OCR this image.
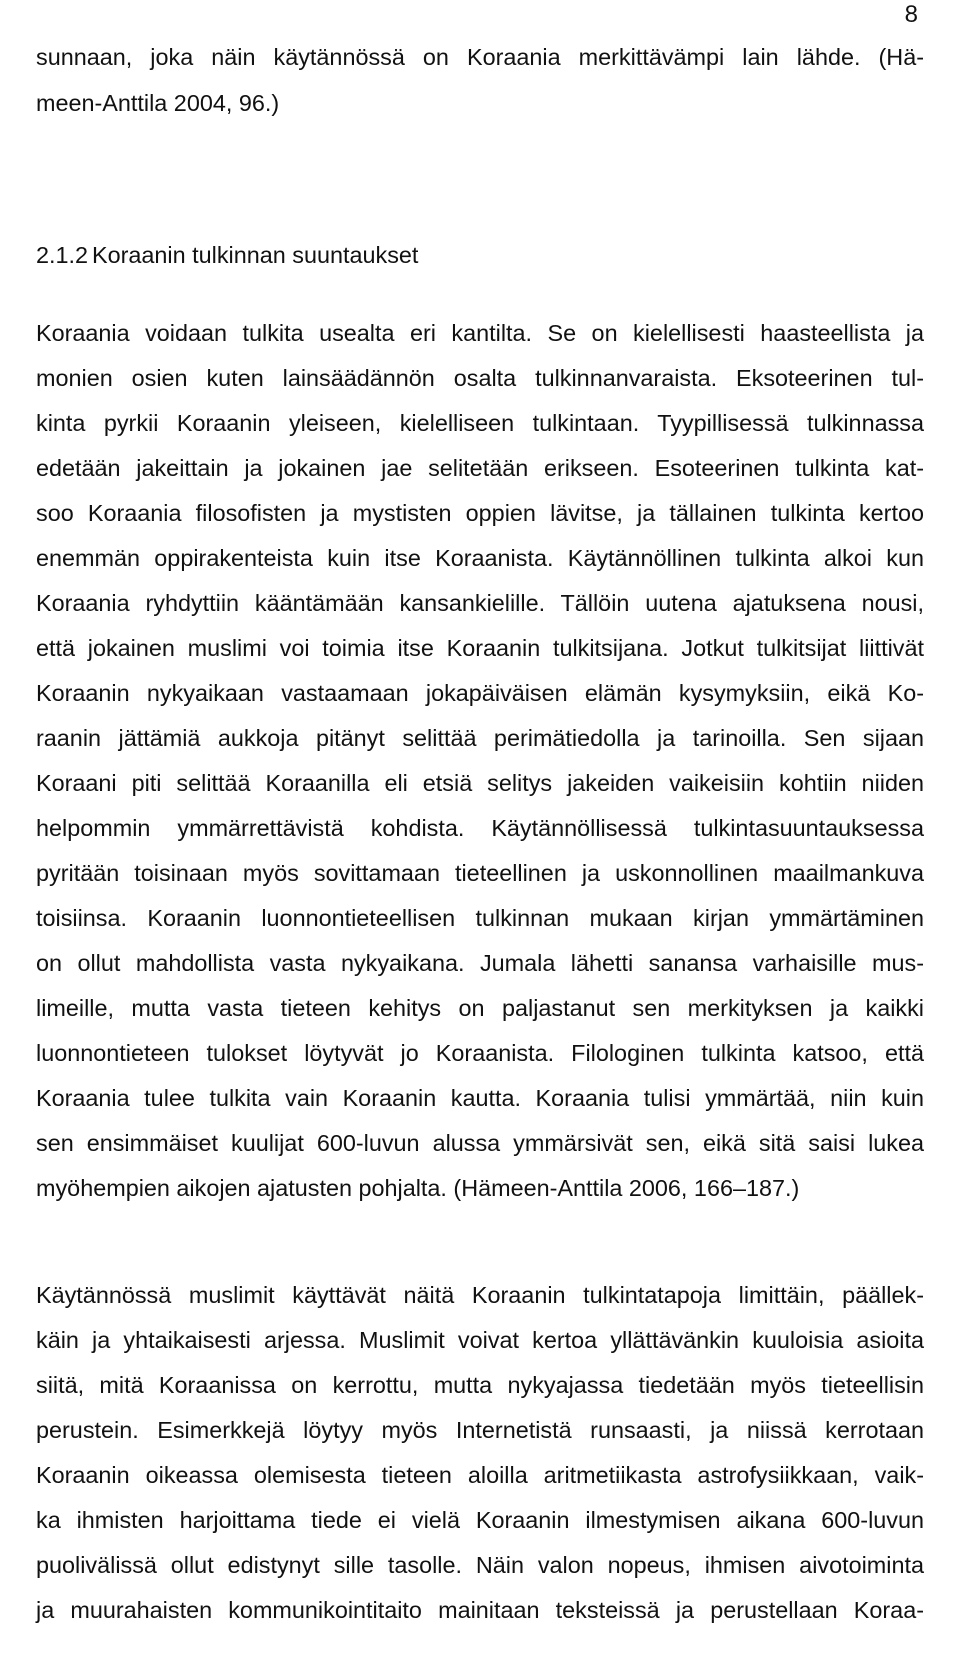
8
sunnaan, joka näin käytännössä on Koraania merkittävämpi lain lähde. (Hä-
meen-Anttila 2004, 96.)
2.1.2 Koraanin tulkinnan suuntaukset
Koraania voidaan tulkita usealta eri kantilta. Se on kielellisesti haasteellista ja
monien osien kuten lainsäädännön osalta tulkinnanvaraista. Eksoteerinen tul-
kinta pyrkii Koraanin yleiseen, kielelliseen tulkintaan. Tyypillisessä tulkinnassa
edetään jakeittain ja jokainen jae selitetään erikseen. Esoteerinen tulkinta kat-
soo Koraania filosofisten ja mystisten oppien lävitse, ja tällainen tulkinta kertoo
enemmän oppirakenteista kuin itse Koraanista. Käytännöllinen tulkinta alkoi kun
Koraania ryhdyttiin kääntämään kansankielille. Tällöin uutena ajatuksena nousi,
että jokainen muslimi voi toimia itse Koraanin tulkitsijana. Jotkut tulkitsijat liittivät
Koraanin nykyaikaan vastaamaan jokapäiväisen elämän kysymyksiin, eikä Ko-
raanin jättämiä aukkoja pitänyt selittää perimätiedolla ja tarinoilla. Sen sijaan
Koraani piti selittää Koraanilla eli etsiä selitys jakeiden vaikeisiin kohtiin niiden
helpommin ymmärrettävistä kohdista. Käytännöllisessä tulkintasuuntauksessa
pyritään toisinaan myös sovittamaan tieteellinen ja uskonnollinen maailmankuva
toisiinsa. Koraanin luonnontieteellisen tulkinnan mukaan kirjan ymmärtäminen
on ollut mahdollista vasta nykyaikana. Jumala lähetti sanansa varhaisille mus-
limeille, mutta vasta tieteen kehitys on paljastanut sen merkityksen ja kaikki
luonnontieteen tulokset löytyvät jo Koraanista. Filologinen tulkinta katsoo, että
Koraania tulee tulkita vain Koraanin kautta. Koraania tulisi ymmärtää, niin kuin
sen ensimmäiset kuulijat 600-luvun alussa ymmärsivät sen, eikä sitä saisi lukea
myöhempien aikojen ajatusten pohjalta. (Hämeen-Anttila 2006, 166–187.)
Käytännössä muslimit käyttävät näitä Koraanin tulkintatapoja limittäin, päällek-
käin ja yhtaikaisesti arjessa. Muslimit voivat kertoa yllättävänkin kuuloisia asioita
siitä, mitä Koraanissa on kerrottu, mutta nykyajassa tiedetään myös tieteellisin
perustein. Esimerkkejä löytyy myös Internetistä runsaasti, ja niissä kerrotaan
Koraanin oikeassa olemisesta tieteen aloilla aritmetiikasta astrofysiikkaan, vaik-
ka ihmisten harjoittama tiede ei vielä Koraanin ilmestymisen aikana 600-luvun
puolivälissä ollut edistynyt sille tasolle. Näin valon nopeus, ihmisen aivotoiminta
ja muurahaisten kommunikointitaito mainitaan teksteissä ja perustellaan Koraa-
